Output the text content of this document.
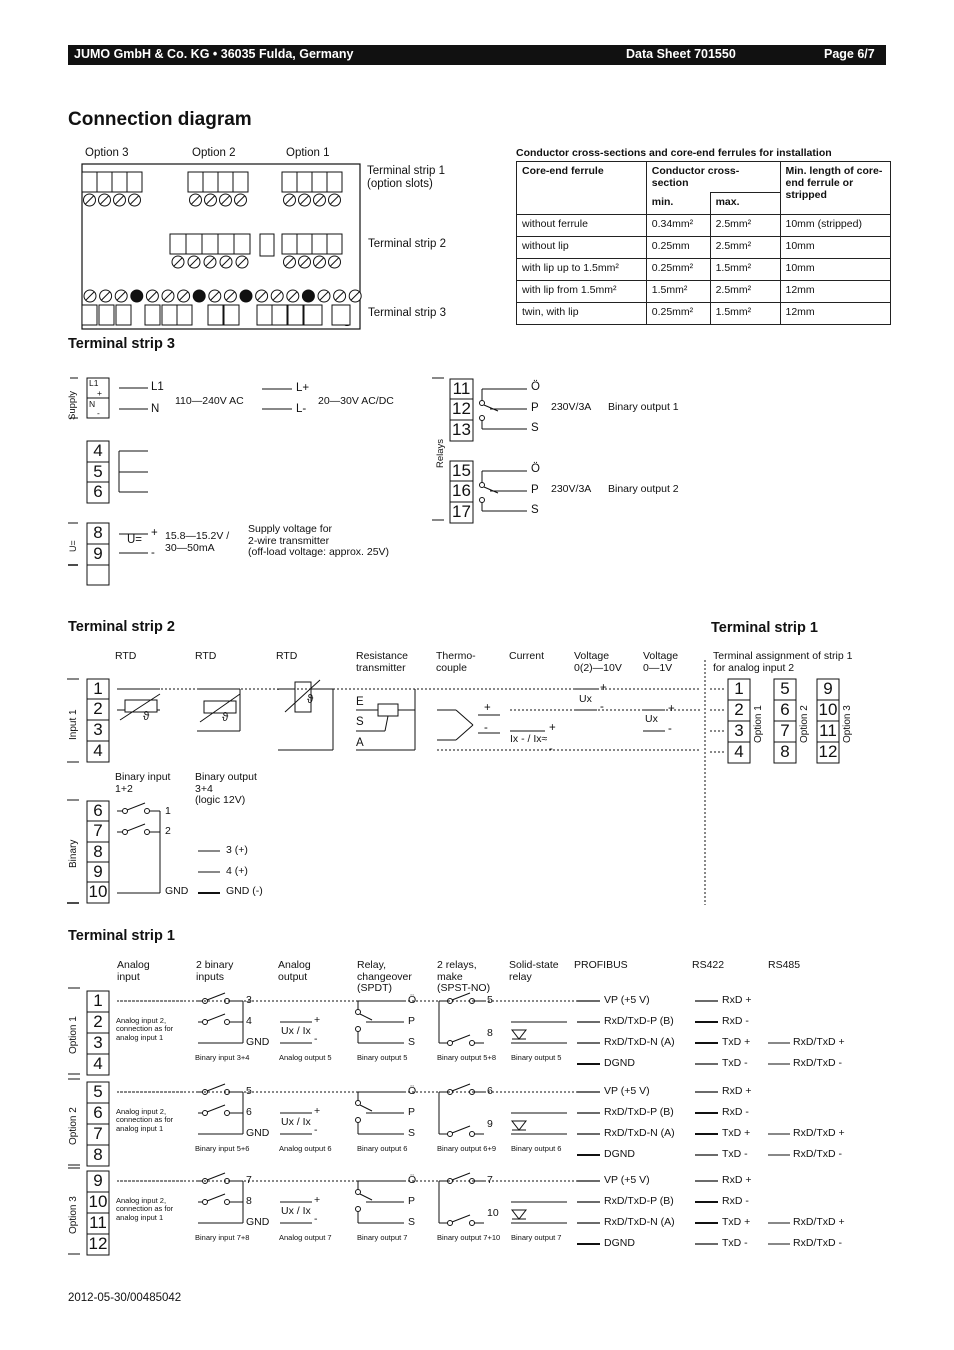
JUMO GmbH & Co. KG • 36035 Fulda, Germany	Data Sheet 701550	Page 6/7
Connection diagram
Option 3	Option 2	Option 1
Terminal strip 1
(option slots)
Terminal strip 2
Terminal strip 3
Conductor cross-sections and core-end ferrules for installation
Core-end ferrule	Conductor cross-section		Min. length of core-end ferrule or stripped
	min.	max.	
without ferrule	0.34mm²	2.5mm²	10mm (stripped)
without lip	0.25mm	2.5mm²	10mm
with lip up to 1.5mm²	0.25mm²	1.5mm²	10mm
with lip from 1.5mm²	1.5mm²	2.5mm²	12mm
twin, with lip	0.25mm²	1.5mm²	12mm
Terminal strip 3
Terminal strip 2	Terminal strip 1
Terminal strip 1
L1
N
+
-
Supply
L1
N
110—240V AC
L+
L-
20—30V AC/DC
4
5
6
8
9
U=
U=
+
-
15.8—15.2V /
30—50mA
Supply voltage for
2-wire transmitter
(off-load voltage: approx. 25V)
Relays
11
12
13
15
16
17
Ö
P
S
230V/3A Binary output 1
Ö
P
S
230V/3A Binary output 2
RTD	RTD	RTD	Resistance
transmitter
Thermo-
couple
Current	Voltage
0(2)—10V
Voltage
0—1V
Input 1
1
2
3
4
ϑ	ϑ
ϑ	E
S
A
+
-	+
-
Ix - / Ix≈
Ux
+
-
Ux
+
-
Binary
6
7
8
9
10
Binary input
1+2
Binary output
3+4
(logic 12V)
1
2
GND
3 (+)
4 (+)
GND (-)
Terminal assignment of strip 1
for analog input 2
1
2
3
4
Option 1
5
6
7
8
Option 2
9
10
11
12
Option 3
Analog
input
2 binary
inputs
Analog
output
Relay,
changeover
(SPDT)
2 relays,
make
(SPST-NO)
Solid-state
relay
PROFIBUS	RS422	RS485
Option 1
1
2
3
4
Analog input 2,
connection as for
analog input 1
3
4
GND
Binary input 3+4
Ux / Ix
+
-
Analog output 5
Ö
P
S
Binary output 5
5
8
Binary output 5+8 Binary output 5
VP (+5 V)
RxD/TxD-P (B)
RxD/TxD-N (A)
DGND
RxD +
RxD -
TxD +
TxD -
RxD/TxD +
RxD/TxD -
Option 2
5
6
7
8
Analog input 2,
connection as for
analog input 1
5
6
GND
Binary input 5+6
Ux / Ix
+
-
Analog output 6
Ö
P
S
Binary output 6
6
9
Binary output 6+9 Binary output 6
VP (+5 V)
RxD/TxD-P (B)
RxD/TxD-N (A)
DGND
RxD +
RxD -
TxD +
TxD -
RxD/TxD +
RxD/TxD -
Option 3
9
10
11
12
Analog input 2,
connection as for
analog input 1
7
8
GND
Binary input 7+8
Ux / Ix
+
-
Analog output 7
Ö
P
S
Binary output 7
7
10
Binary output 7+10 Binary output 7
VP (+5 V)
RxD/TxD-P (B)
RxD/TxD-N (A)
DGND
RxD +
RxD -
TxD +
TxD -
RxD/TxD +
RxD/TxD -
2012-05-30/00485042
